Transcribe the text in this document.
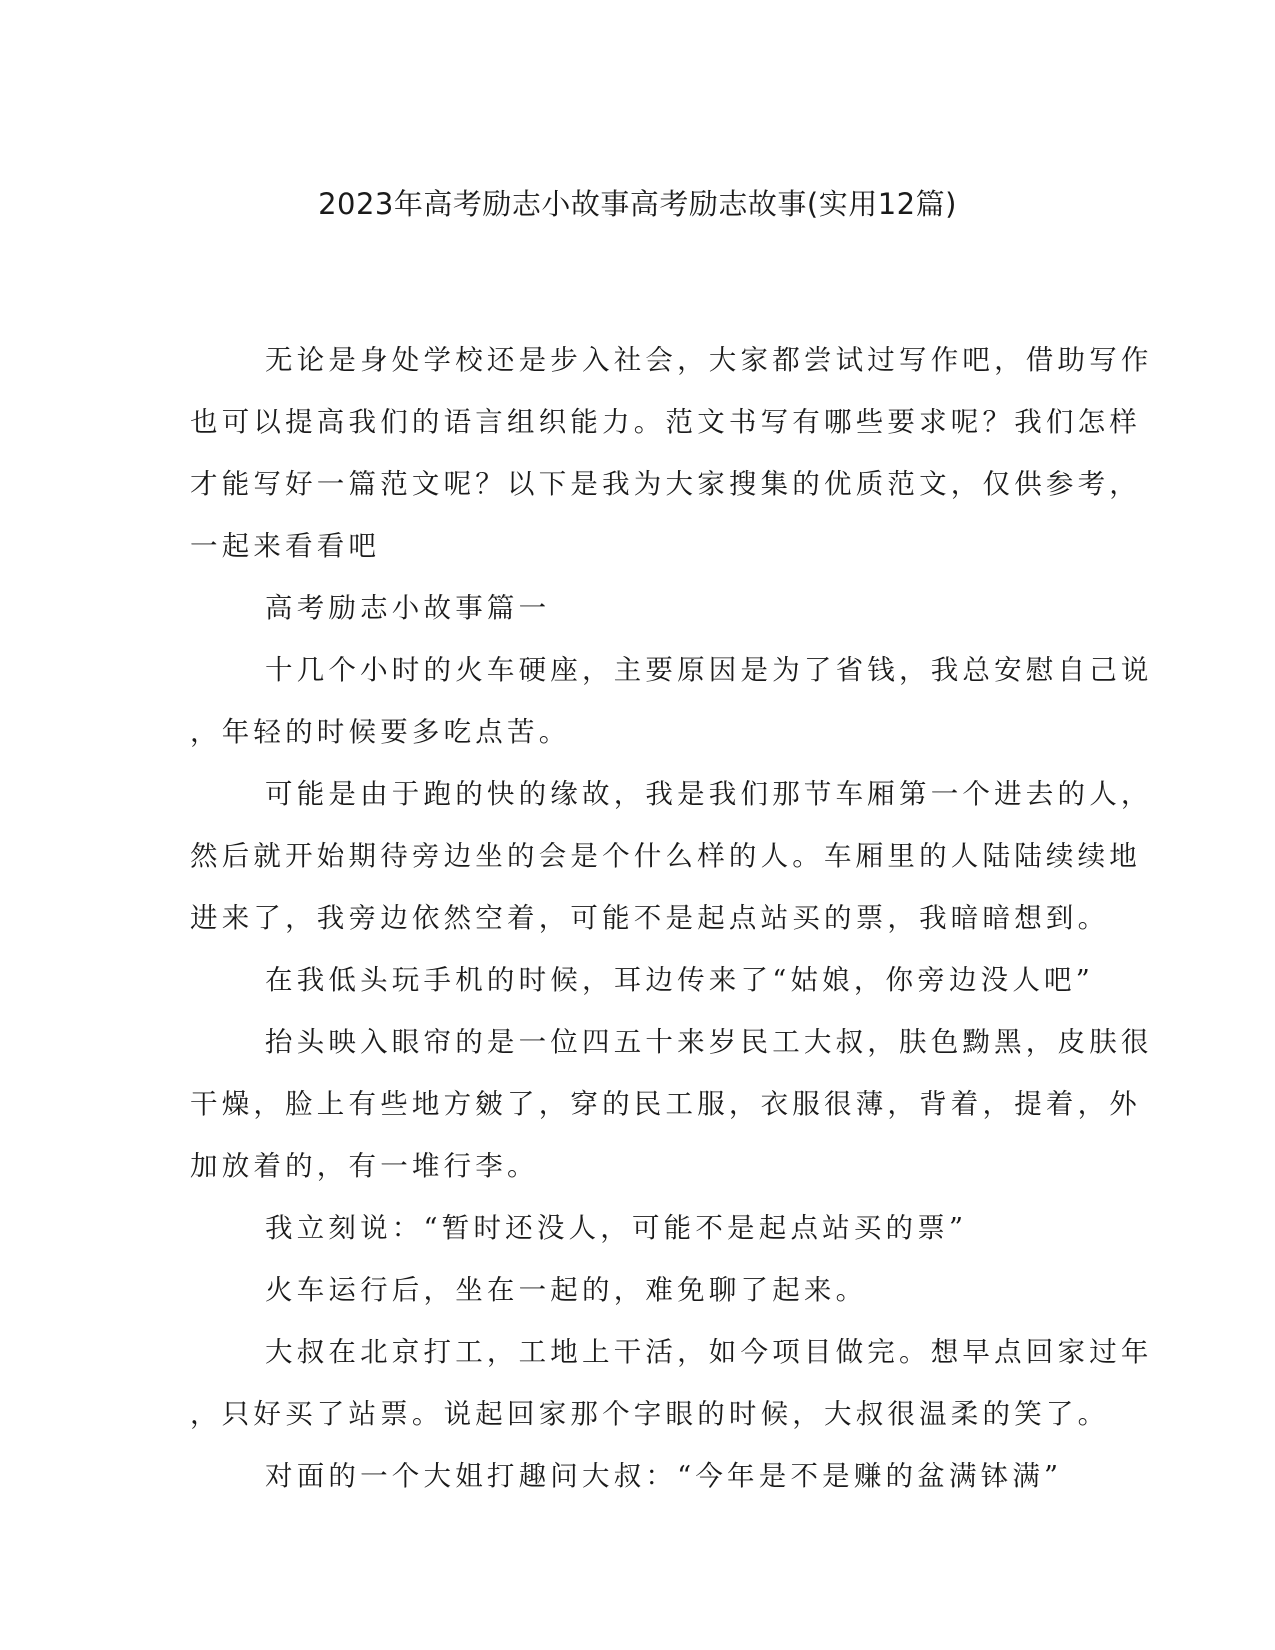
2023年高考励志小故事高考励志故事(实用12篇)
无论是身处学校还是步入社会，大家都尝试过写作吧，借助写作
也可以提高我们的语言组织能力。范文书写有哪些要求呢？我们怎样
才能写好一篇范文呢？以下是我为大家搜集的优质范文，仅供参考，
一起来看看吧
高考励志小故事篇一
十几个小时的火车硬座，主要原因是为了省钱，我总安慰自己说
，年轻的时候要多吃点苦。
可能是由于跑的快的缘故，我是我们那节车厢第一个进去的人，
然后就开始期待旁边坐的会是个什么样的人。车厢里的人陆陆续续地
进来了，我旁边依然空着，可能不是起点站买的票，我暗暗想到。
在我低头玩手机的时候，耳边传来了“姑娘，你旁边没人吧”
抬头映入眼帘的是一位四五十来岁民工大叔，肤色黝黑，皮肤很
干燥，脸上有些地方皴了，穿的民工服，衣服很薄，背着，提着，外
加放着的，有一堆行李。
我立刻说：“暂时还没人，可能不是起点站买的票”
火车运行后，坐在一起的，难免聊了起来。
大叔在北京打工，工地上干活，如今项目做完。想早点回家过年
，只好买了站票。说起回家那个字眼的时候，大叔很温柔的笑了。
对面的一个大姐打趣问大叔：“今年是不是赚的盆满钵满”
